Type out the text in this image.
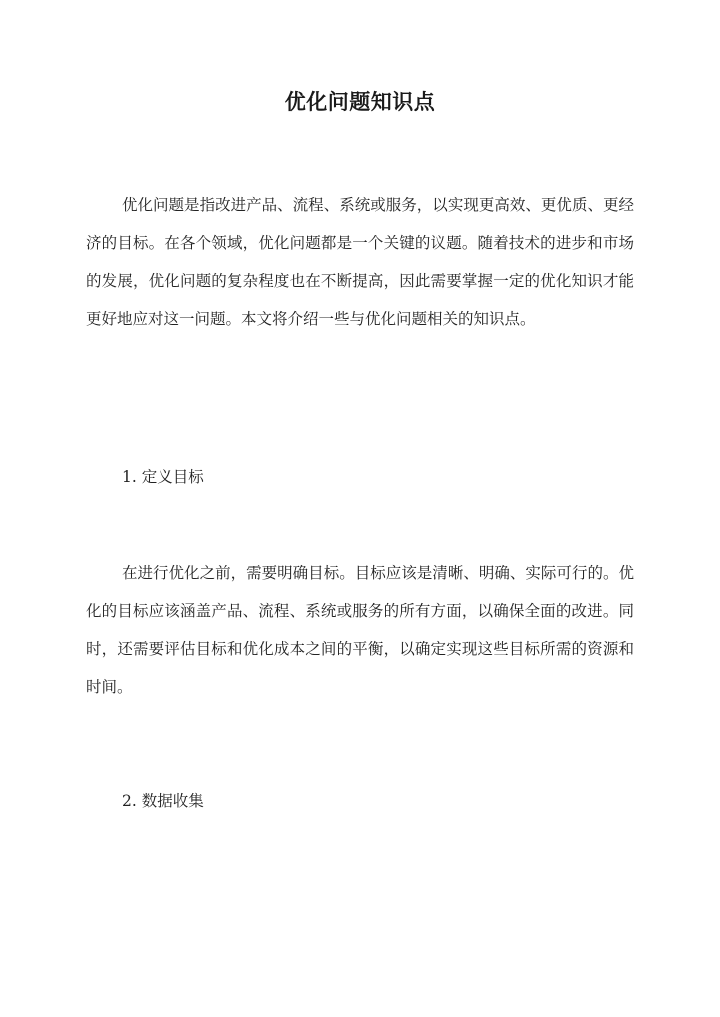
优化问题知识点

优化问题是指改进产品、流程、系统或服务，以实现更高效、更优质、更经济的目标。在各个领域，优化问题都是一个关键的议题。随着技术的进步和市场的发展，优化问题的复杂程度也在不断提高，因此需要掌握一定的优化知识才能更好地应对这一问题。本文将介绍一些与优化问题相关的知识点。

1. 定义目标

在进行优化之前，需要明确目标。目标应该是清晰、明确、实际可行的。优化的目标应该涵盖产品、流程、系统或服务的所有方面，以确保全面的改进。同时，还需要评估目标和优化成本之间的平衡，以确定实现这些目标所需的资源和时间。

2. 数据收集
